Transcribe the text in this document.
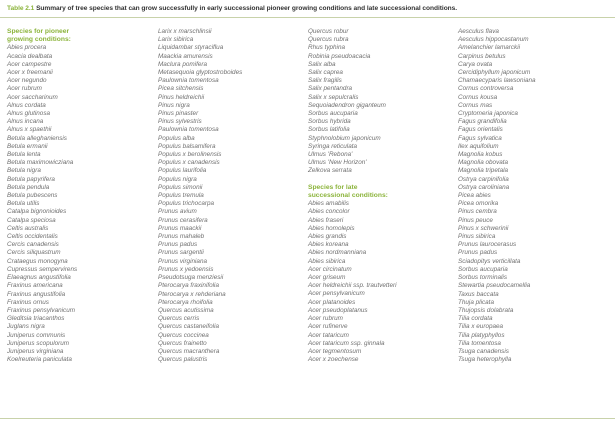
Table 2.1 Summary of tree species that can grow successfully in early successional pioneer growing conditions and late successional conditions.
Species for pioneer
growing conditions:
Abies procera
Acacia dealbata
Acer campestre
Acer x freemanii
Acer negundo
Acer rubrum
Acer saccharinum
Alnus cordata
Alnus glutinosa
Alnus incana
Alnus x spaethii
Betula alleghaniensis
Betula ermanii
Betula lenta
Betula maximowicziana
Betula nigra
Betula papyrifera
Betula pendula
Betula pubescens
Betula utilis
Catalpa bignonioides
Catalpa speciosa
Celtis australis
Celtis occidentalis
Cercis canadensis
Cercis siliquastrum
Crataegus monogyna
Cupressus sempervirens
Elaeagnus angustifolia
Fraxinus americana
Fraxinus angustifolia
Fraxinus ornus
Fraxinus pensylvanicum
Gleditsia triacanthos
Juglans nigra
Juniperus communis
Juniperus scopulorum
Juniperus virginiana
Koelreuteria paniculata
Larix x marschlinsii
Larix sibirica
Liquidambar styraciflua
Maackia amurensis
Maclura pomifera
Metasequoia glyptostroboides
Paulownia tomentosa
Picea sitchensis
Pinus heldreichii
Pinus nigra
Pinus pinaster
Pinus sylvestris
Paulownia tomentosa
Populus alba
Populus balsamifera
Populus x berolinensis
Populus x canadensis
Populus laurifolia
Populus nigra
Populus simonii
Populus tremula
Populus trichocarpa
Prunus avium
Prunus cerasifera
Prunus maackii
Prunus mahaleb
Prunus padus
Prunus sargentii
Prunus virginiana
Prunus x yedoensis
Pseudotsuga menziesii
Pterocarya fraxinifolia
Pterocarya x rehderiana
Pterocarya rhoifolia
Quercus acutissima
Quercus cerris
Quercus castaneifolia
Quercus coccinea
Quercus frainetto
Quercus macranthera
Quercus palustris
Quercus robur
Quercus rubra
Rhus typhina
Robinia pseudoacacia
Salix alba
Salix caprea
Salix fragilis
Salix pentandra
Salix x sepulcralis
Sequoiadendron giganteum
Sorbus aucuparia
Sorbus hybrida
Sorbus latifolia
Styphnolobium japonicum
Syringa reticulata
Ulmus 'Rebona'
Ulmus 'New Horizon'
Zelkova serrata
Species for late
successional conditions:
Abies amabilis
Abies concolor
Abies fraseri
Abies homolepis
Abies grandis
Abies koreana
Abies nordmanniana
Abies sibirica
Acer circinatum
Acer griseum
Acer heldreichii ssp. trautvetteri
Acer pensylvanicum
Acer platanoides
Acer pseudoplatanus
Acer rubrum
Acer rufinerve
Acer tataricum
Acer tataricum ssp. ginnala
Acer tegmentosum
Acer x zoechense
Aesculus flava
Aesculus hippocastanum
Amelanchier lamarckii
Carpinus betulus
Carya ovata
Cercidiphyllum japonicum
Chamaecyparis lawsoniana
Cornus controversa
Cornus kousa
Cornus mas
Cryptomeria japonica
Fagus grandifolia
Fagus orientalis
Fagus sylvatica
Ilex aquifolium
Magnolia kobus
Magnolia obovata
Magnolia tripetala
Ostrya carpinifolia
Ostrya caroliniana
Picea abies
Picea omorika
Pinus cembra
Pinus peuce
Pinus x schwerinii
Pinus sibirica
Prunus laurocerasus
Prunus padus
Sciadopitys verticillata
Sorbus aucuparia
Sorbus torminalis
Stewartia pseudocamellia
Taxus baccata
Thuja plicata
Thujopsis dolabrata
Tilia cordata
Tilia x europaea
Tilia platyphyllos
Tilia tomentosa
Tsuga canadensis
Tsuga heterophylla
